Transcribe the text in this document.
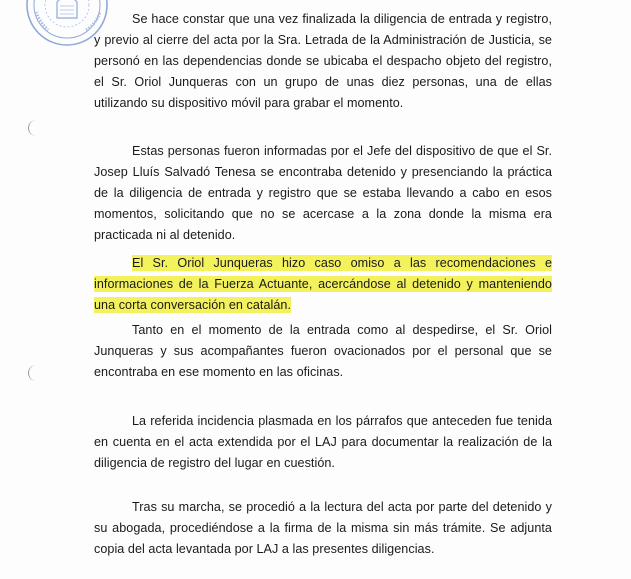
Se hace constar que una vez finalizada la diligencia de entrada y registro, y previo al cierre del acta por la Sra. Letrada de la Administración de Justicia, se personó en las dependencias donde se ubicaba el despacho objeto del registro, el Sr. Oriol Junqueras con un grupo de unas diez personas, una de ellas utilizando su dispositivo móvil para grabar el momento.

Estas personas fueron informadas por el Jefe del dispositivo de que el Sr. Josep Lluís Salvadó Tenesa se encontraba detenido y presenciando la práctica de la diligencia de entrada y registro que se estaba llevando a cabo en esos momentos, solicitando que no se acercase a la zona donde la misma era practicada ni al detenido.

El Sr. Oriol Junqueras hizo caso omiso a las recomendaciones e informaciones de la Fuerza Actuante, acercándose al detenido y manteniendo una corta conversación en catalán.

Tanto en el momento de la entrada como al despedirse, el Sr. Oriol Junqueras y sus acompañantes fueron ovacionados por el personal que se encontraba en ese momento en las oficinas.

La referida incidencia plasmada en los párrafos que anteceden fue tenida en cuenta en el acta extendida por el LAJ para documentar la realización de la diligencia de registro del lugar en cuestión.

Tras su marcha, se procedió a la lectura del acta por parte del detenido y su abogada, procediéndose a la firma de la misma sin más trámite. Se adjunta copia del acta levantada por LAJ a las presentes diligencias.
